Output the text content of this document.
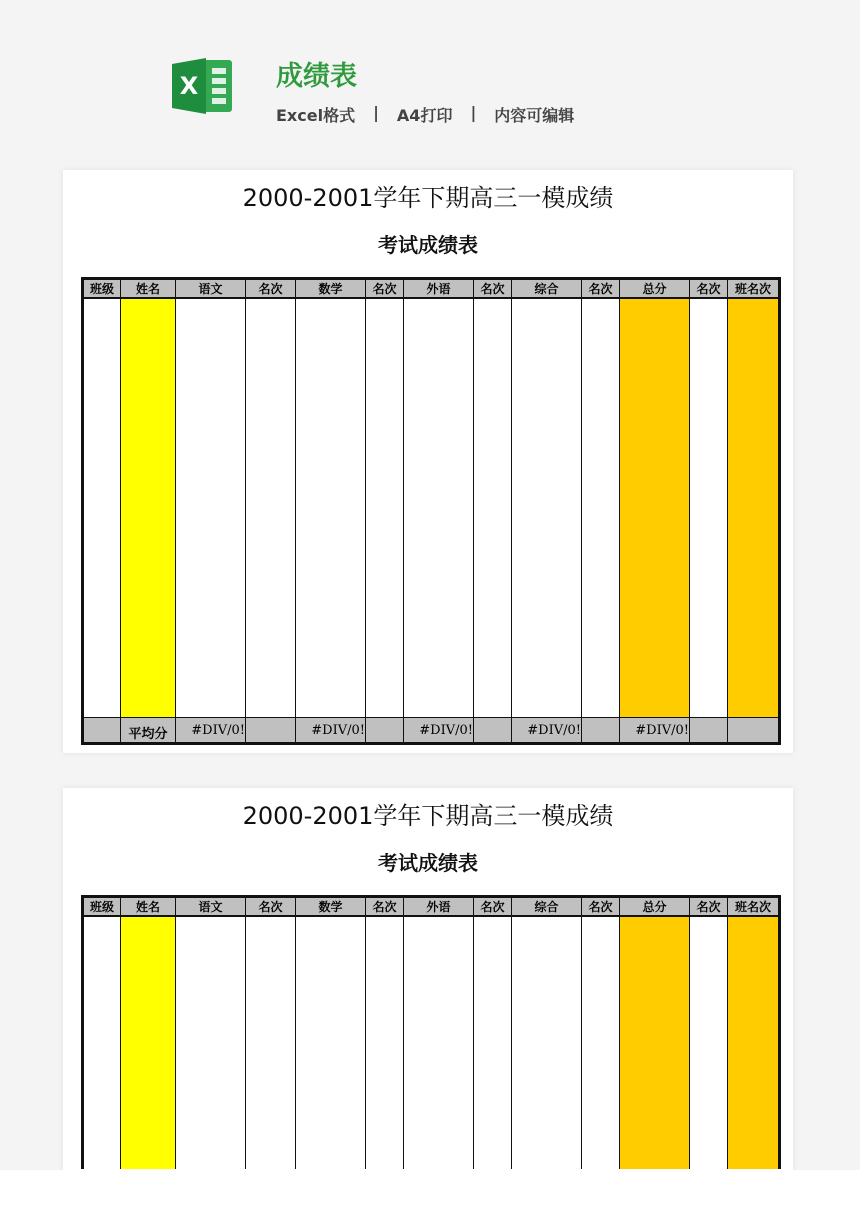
X	成绩表
Excel格式 | A4打印 | 内容可编辑
2000-2001学年下期高三一模成绩
考试成绩表
班级	姓名	语文	名次	数学	名次	外语	名次	综合	名次	总分	名次	班名次

	平均分	#DIV/0!		#DIV/0!		#DIV/0!		#DIV/0!		#DIV/0!		
2000-2001学年下期高三一模成绩
考试成绩表
班级	姓名	语文	名次	数学	名次	外语	名次	综合	名次	总分	名次	班名次
